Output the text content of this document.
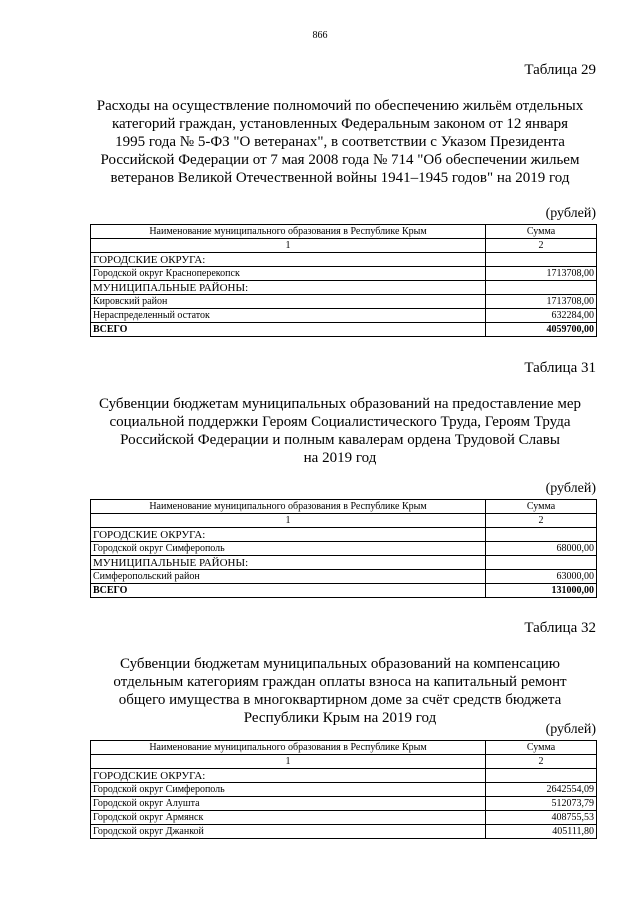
866
Таблица 29
Расходы на осуществление полномочий по обеспечению жильём отдельных
категорий граждан, установленных Федеральным законом от 12 января
1995 года № 5-ФЗ "О ветеранах", в соответствии с Указом Президента
Российской Федерации от 7 мая 2008 года № 714 "Об обеспечении жильем
ветеранов Великой Отечественной войны 1941–1945 годов" на 2019 год
(рублей)
Наименование муниципального образования в Республике Крым	Сумма
1	2
ГОРОДСКИЕ ОКРУГА:	
Городской округ Красноперекопск	1713708,00
МУНИЦИПАЛЬНЫЕ РАЙОНЫ:	
Кировский район	1713708,00
Нераспределенный остаток	632284,00
ВСЕГО	4059700,00
Таблица 31
Субвенции бюджетам муниципальных образований на предоставление мер
социальной поддержки Героям Социалистического Труда, Героям Труда
Российской Федерации и полным кавалерам ордена Трудовой Славы
на 2019 год
(рублей)
Наименование муниципального образования в Республике Крым	Сумма
1	2
ГОРОДСКИЕ ОКРУГА:	
Городской округ Симферополь	68000,00
МУНИЦИПАЛЬНЫЕ РАЙОНЫ:	
Симферопольский район	63000,00
ВСЕГО	131000,00
Таблица 32
Субвенции бюджетам муниципальных образований на компенсацию
отдельным категориям граждан оплаты взноса на капитальный ремонт
общего имущества в многоквартирном доме за счёт средств бюджета
Республики Крым на 2019 год
(рублей)
Наименование муниципального образования в Республике Крым	Сумма
1	2
ГОРОДСКИЕ ОКРУГА:	
Городской округ Симферополь	2642554,09
Городской округ Алушта	512073,79
Городской округ Армянск	408755,53
Городской округ Джанкой	405111,80
